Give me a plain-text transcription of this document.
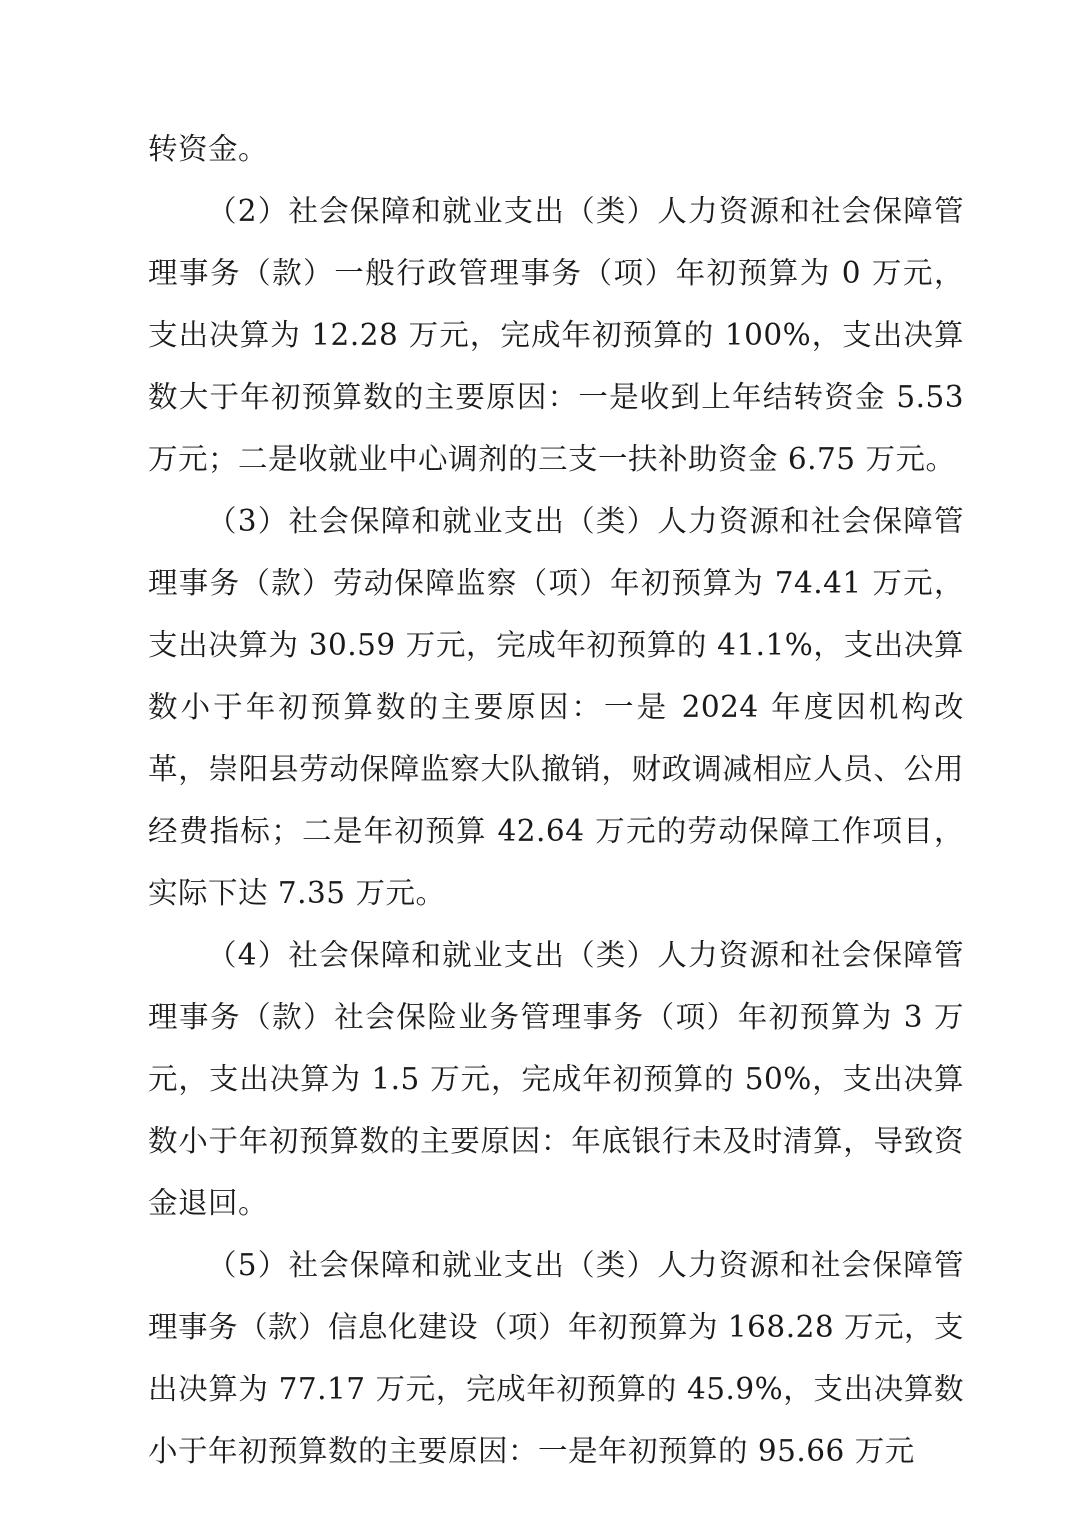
转资金。

（2）社会保障和就业支出（类）人力资源和社会保障管理事务（款）一般行政管理事务（项）年初预算为 0 万元，支出决算为 12.28 万元，完成年初预算的 100%，支出决算数大于年初预算数的主要原因：一是收到上年结转资金 5.53 万元；二是收就业中心调剂的三支一扶补助资金 6.75 万元。

（3）社会保障和就业支出（类）人力资源和社会保障管理事务（款）劳动保障监察（项）年初预算为 74.41 万元，支出决算为 30.59 万元，完成年初预算的 41.1%，支出决算数小于年初预算数的主要原因：一是 2024 年度因机构改革，崇阳县劳动保障监察大队撤销，财政调减相应人员、公用经费指标；二是年初预算 42.64 万元的劳动保障工作项目，实际下达 7.35 万元。

（4）社会保障和就业支出（类）人力资源和社会保障管理事务（款）社会保险业务管理事务（项）年初预算为 3 万元，支出决算为 1.5 万元，完成年初预算的 50%，支出决算数小于年初预算数的主要原因：年底银行未及时清算，导致资金退回。

（5）社会保障和就业支出（类）人力资源和社会保障管理事务（款）信息化建设（项）年初预算为 168.28 万元，支出决算为 77.17 万元，完成年初预算的 45.9%，支出决算数小于年初预算数的主要原因：一是年初预算的 95.66 万元
